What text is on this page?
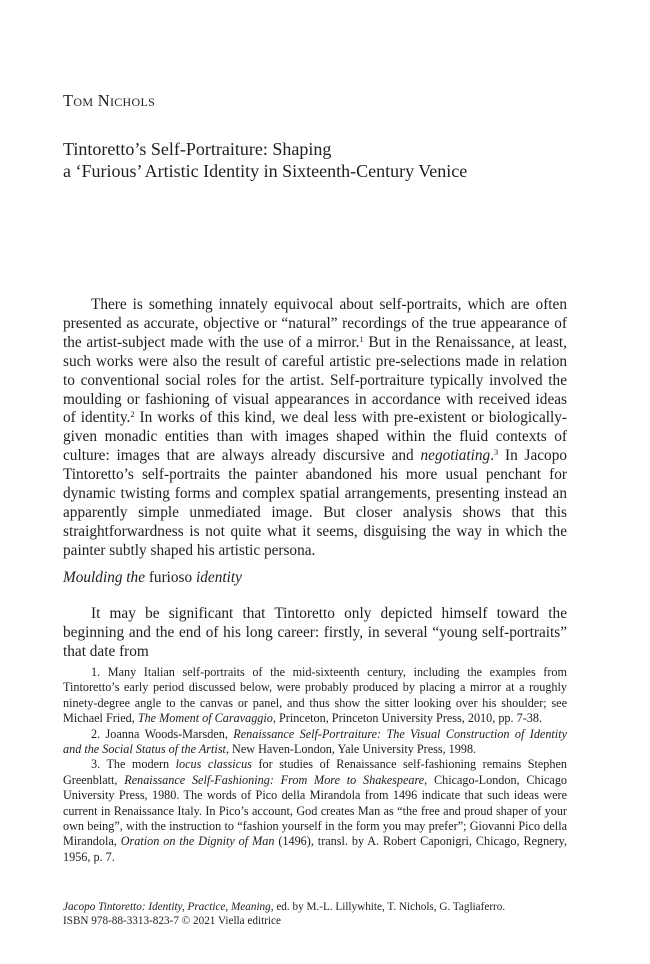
Tom Nichols
Tintoretto’s Self-Portraiture: Shaping
a ‘Furious’ Artistic Identity in Sixteenth-Century Venice

There is something innately equivocal about self-portraits, which are often presented as accurate, objective or “natural” recordings of the true appearance of the artist-subject made with the use of a mirror.$^1$ But in the Renaissance, at least, such works were also the result of careful artistic pre-selections made in relation to conventional social roles for the artist. Self-portraiture typically involved the moulding or fashioning of visual appearances in accordance with received ideas of identity.$^2$ In works of this kind, we deal less with pre-existent or biologically-given monadic entities than with images shaped within the fluid contexts of culture: images that are always already discursive and negotiating.$^3$ In Jacopo Tintoretto’s self-portraits the painter abandoned his more usual penchant for dynamic twisting forms and complex spatial arrangements, presenting instead an apparently simple unmediated image. But closer analysis shows that this straightforwardness is not quite what it seems, disguising the way in which the painter subtly shaped his artistic persona.

Moulding the furioso identity

It may be significant that Tintoretto only depicted himself toward the beginning and the end of his long career: firstly, in several “young self-portraits” that date from

1. Many Italian self-portraits of the mid-sixteenth century, including the examples from Tintoretto’s early period discussed below, were probably produced by placing a mirror at a roughly ninety-degree angle to the canvas or panel, and thus show the sitter looking over his shoulder; see Michael Fried, The Moment of Caravaggio, Princeton, Princeton University Press, 2010, pp. 7-38.

2. Joanna Woods-Marsden, Renaissance Self-Portraiture: The Visual Construction of Identity and the Social Status of the Artist, New Haven-London, Yale University Press, 1998.

3. The modern locus classicus for studies of Renaissance self-fashioning remains Stephen Greenblatt, Renaissance Self-Fashioning: From More to Shakespeare, Chicago-London, Chicago University Press, 1980. The words of Pico della Mirandola from 1496 indicate that such ideas were current in Renaissance Italy. In Pico’s account, God creates Man as “the free and proud shaper of your own being”, with the instruction to “fashion yourself in the form you may prefer”; Giovanni Pico della Mirandola, Oration on the Dignity of Man (1496), transl. by A. Robert Caponigri, Chicago, Regnery, 1956, p. 7.

Jacopo Tintoretto: Identity, Practice, Meaning, ed. by M.-L. Lillywhite, T. Nichols, G. Tagliaferro.
ISBN 978-88-3313-823-7 © 2021 Viella editrice
